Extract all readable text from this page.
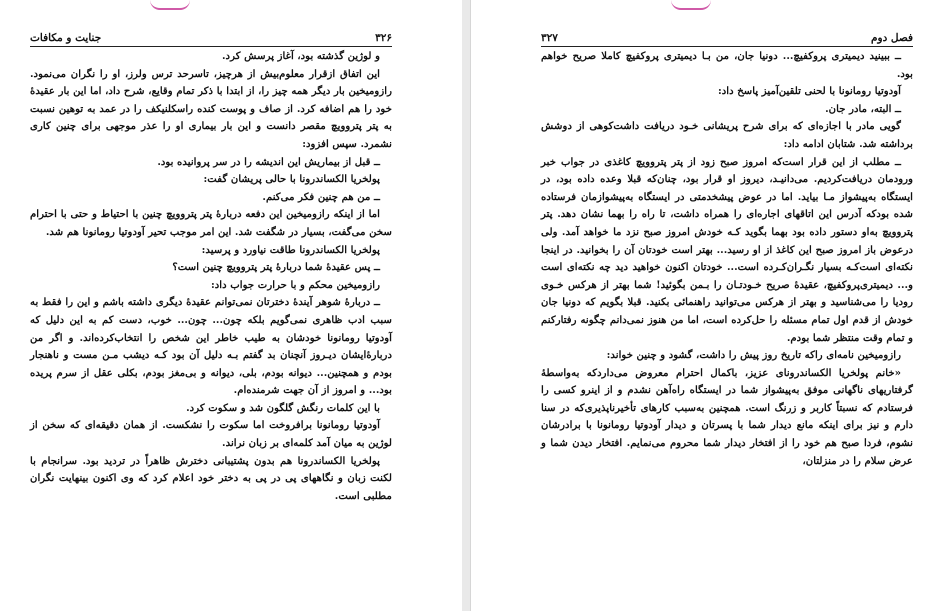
جنایت و مکافات	۳۲۶

و لوژین گذشته بود، آغاز پرسش کرد.

این اتفاق ازقرار معلوم‌بیش از هرچیز، تاسرحد ترس ولرز، او را نگران می‌نمود. رازومیخین بار دیگر همه چیز را، از ابتدا با ذکر تمام وقایع، شرح داد، اما این بار عقیدهٔ خود را هم اضافه کرد. از صاف و پوست کنده راسکلنیکف را در عمد به توهین نسبت به پتر پتروویچ مقصر دانست و این بار بیماری او را عذر موجهی برای چنین کاری نشمرد. سپس افزود:

ــ قبل از بیماریش این اندیشه را در سر پروانیده بود.

پولخریا الکساندرونا با حالی پریشان گفت:

ــ من هم چنین فکر می‌کنم.

اما از اینکه رازومیخین این دفعه دربارهٔ پتر پتروویچ چنین با احتیاط و حتی با احترام سخن می‌گفت، بسیار در شگفت شد. این امر موجب تحیر آودوتیا رومانونا هم شد.

پولخریا الکساندرونا طاقت نیاورد و پرسید:

ــ پس عقیدهٔ شما دربارهٔ پتر پتروویچ چنین است؟

رازومیخین محکم و با حرارت جواب داد:

ــ دربارهٔ شوهر آیندهٔ دخترتان نمی‌توانم عقیدهٔ دیگری داشته باشم و این را فقط به سبب ادب ظاهری نمی‌گویم بلکه چون... چون... خوب، دست کم به این دلیل که آودوتیا رومانونا خودشان به طیب خاطر این شخص را انتخاب‌کرده‌اند. و اگر من دربارهٔ‌ایشان دیـروز آنچنان بد گفتم بـه دلیل آن بود کـه دیشب مـن مست و ناهنجار بودم و همچنین... دیوانه بودم، بلی، دیوانه و بی‌مغز بودم، بکلی عقل از سرم پریده بود... و امروز از آن جهت شرمنده‌ام.

با این کلمات رنگش گلگون شد و سکوت کرد.

آودوتیا رومانونا برافروخت اما سکوت را نشکست. از همان دقیقه‌ای که سخن از لوژین به میان آمد کلمه‌ای بر زبان نراند.

پولخریا الکساندرونا هم بدون پشتیبانی دخترش ظاهراً در تردید بود. سرانجام با لکنت زبان و نگاههای پی در پی به دختر خود اعلام کرد که وی اکنون بینهایت نگران مطلبی است.

۳۲۷	فصل دوم

ــ ببینید دیمیتری پروکفیچ... دونیا جان، من بـا دیمیتری پروکفیچ کاملا صریح خواهم بود.

آودوتیا رومانونا با لحنی تلقین‌آمیز پاسخ داد:

ــ البته، مادر جان.

گویی مادر با اجازه‌ای که برای شرح پریشانی خـود دریافت داشت‌کوهی از دوشش برداشته شد. شتابان ادامه داد:

ــ مطلب از این قرار است‌که امروز صبح زود از پتر پتروویچ کاغذی در جواب خبر ورودمان دریافت‌کردیم. می‌دانیـد، دیروز او قرار بود، چنان‌که قبلا وعده داده بود، در ایستگاه به‌پیشواز مـا بیاید. اما در عوض پیشخدمتی در ایستگاه به‌پیشوازمان فرستاده شده بودکه آدرس این اتاقهای اجاره‌ای را همراه داشت، تا راه را بهما نشان دهد. پتر پتروویچ به‌او دستور داده بود بهما بگوید کـه خودش امروز صبح نزد ما خواهد آمد. ولی درعوض باز امروز صبح این کاغذ از او رسید... بهتر است خودتان آن را بخوانید. در اینجا نکته‌ای است‌کـه بسیار نگـران‌کـرده است... خودتان اکنون خواهید دید چه نکته‌ای است و... دیمیتری‌پروکفیچ، عقیدهٔ صریح خـودتـان را بـمن بگوئید! شما بهتر از هرکس خـوی رودیا را می‌شناسید و بهتر از هرکس می‌توانید راهنمائی بکنید. قبلا بگویم که دونیا جان خودش از قدم اول تمام مسئله را حل‌کرده است، اما من هنوز نمی‌دانم چگونه رفتارکنم و تمام وقت منتظر شما بودم.

رازومیخین نامه‌ای راکه تاریخ روز پیش را داشت، گشود و چنین خواند:

«خانم پولخریا الکساندرونای عزیز، باکمال احترام معروض می‌داردکه به‌واسطهٔ گرفتاریهای ناگهانی موفق به‌پیشواز شما در ایستگاه راه‌آهن نشدم و از اینرو کسی را فرستادم که نسبتاً کاربر و زرنگ است. همچنین به‌سبب کارهای تأخیرناپذیری‌که در سنا دارم و نیز برای اینکه مانع دیدار شما با پسرتان و دیدار آودوتیا رومانونا با برادرشان نشوم، فردا صبح هم خود را از افتخار دیدار شما محروم می‌نمایم. افتخار دیدن شما و عرض سلام را در منزلتان،
